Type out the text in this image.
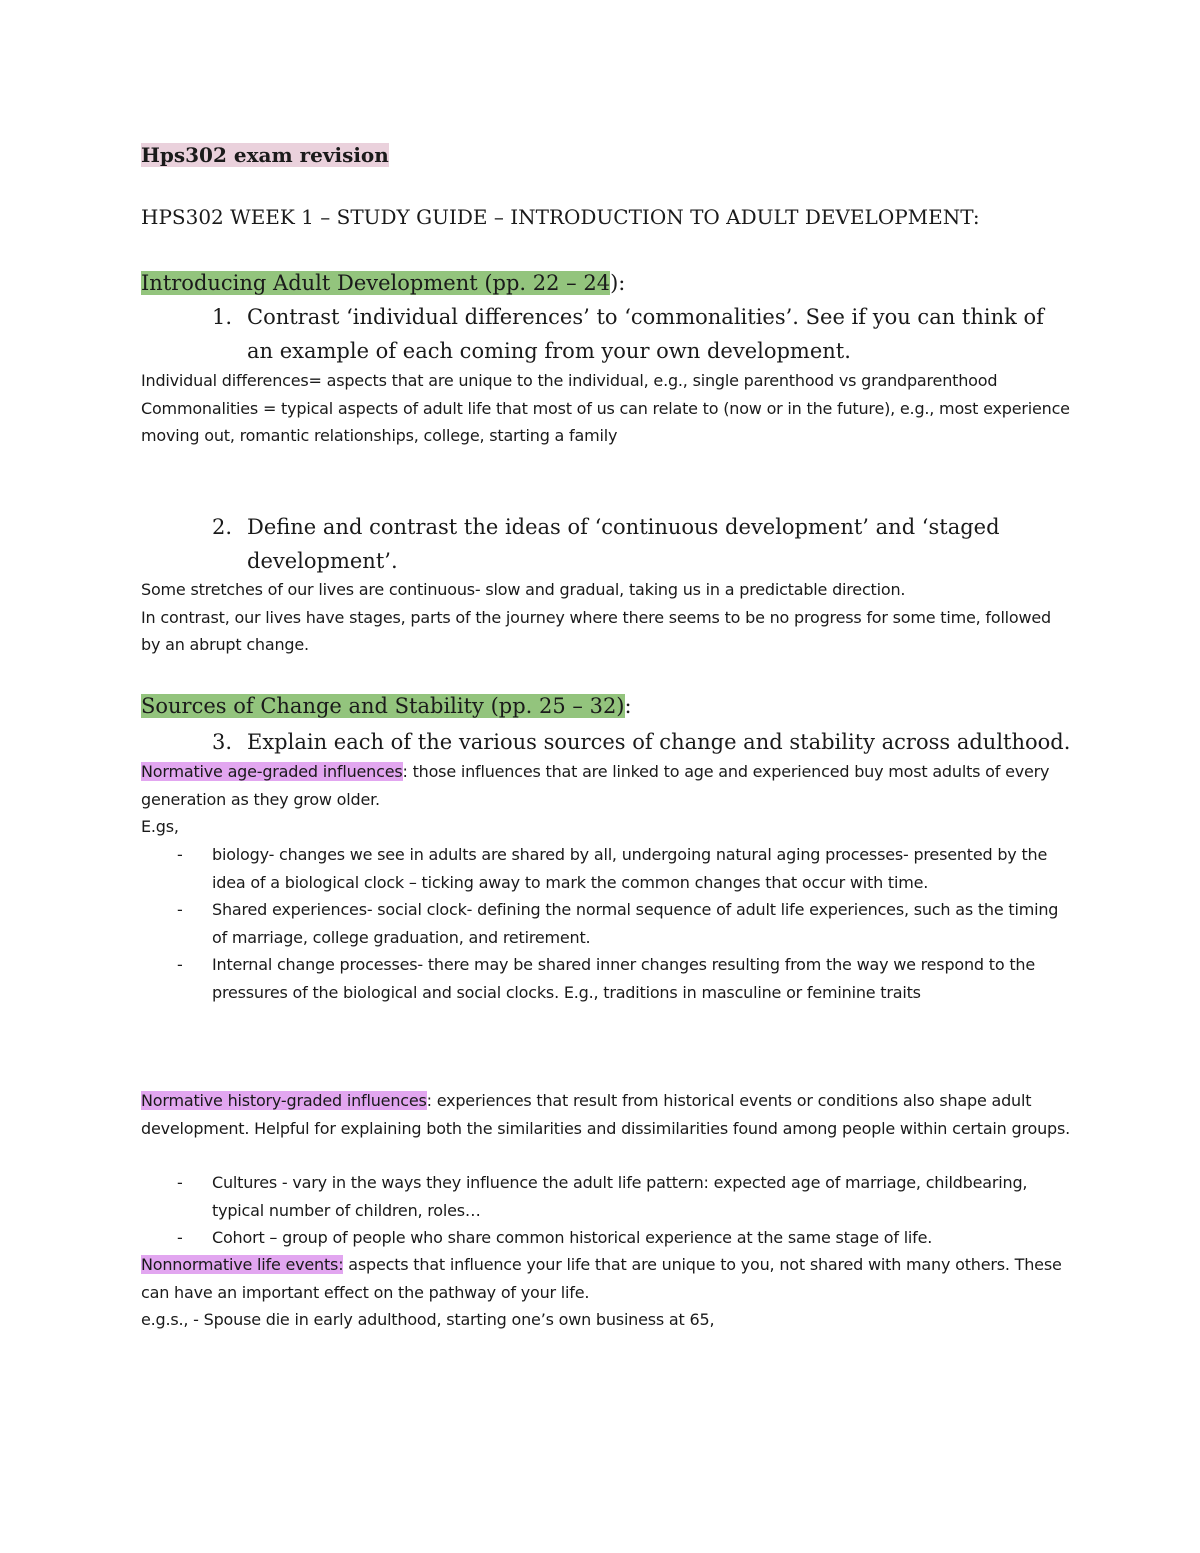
Hps302 exam revision

HPS302 WEEK 1 – STUDY GUIDE – INTRODUCTION TO ADULT DEVELOPMENT:

Introducing Adult Development (pp. 22 – 24):

1. Contrast ‘individual differences’ to ‘commonalities’. See if you can think of an example of each coming from your own development.
Individual differences= aspects that are unique to the individual, e.g., single parenthood vs grandparenthood
Commonalities = typical aspects of adult life that most of us can relate to (now or in the future), e.g., most experience moving out, romantic relationships, college, starting a family
2. Define and contrast the ideas of ‘continuous development’ and ‘staged development’.
Some stretches of our lives are continuous- slow and gradual, taking us in a predictable direction.
In contrast, our lives have stages, parts of the journey where there seems to be no progress for some time, followed by an abrupt change.

Sources of Change and Stability (pp. 25 – 32):

3. Explain each of the various sources of change and stability across adulthood.
Normative age-graded influences: those influences that are linked to age and experienced buy most adults of every generation as they grow older.
E.gs,
- biology- changes we see in adults are shared by all, undergoing natural aging processes- presented by the idea of a biological clock – ticking away to mark the common changes that occur with time.
- Shared experiences- social clock- defining the normal sequence of adult life experiences, such as the timing of marriage, college graduation, and retirement.
- Internal change processes- there may be shared inner changes resulting from the way we respond to the pressures of the biological and social clocks. E.g., traditions in masculine or feminine traits
Normative history-graded influences: experiences that result from historical events or conditions also shape adult development. Helpful for explaining both the similarities and dissimilarities found among people within certain groups.
- Cultures - vary in the ways they influence the adult life pattern: expected age of marriage, childbearing, typical number of children, roles…
- Cohort – group of people who share common historical experience at the same stage of life.
Nonnormative life events: aspects that influence your life that are unique to you, not shared with many others. These can have an important effect on the pathway of your life.
e.g.s., - Spouse die in early adulthood, starting one’s own business at 65,
